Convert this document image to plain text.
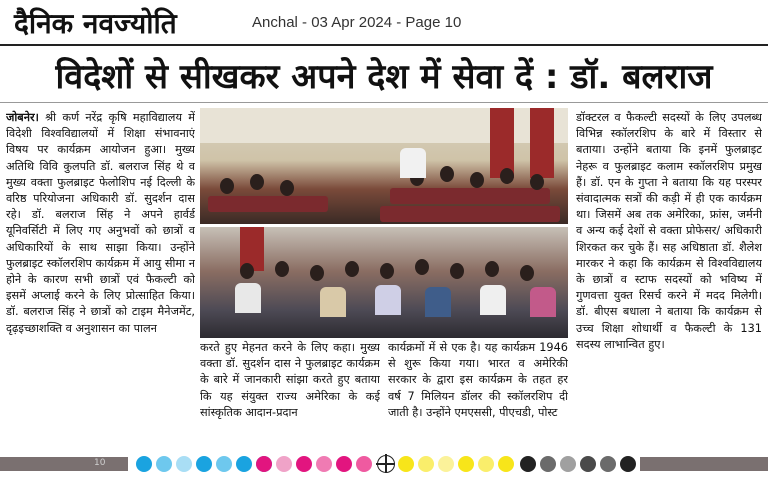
दैनिक नवज्योति	Anchal - 03 Apr 2024 - Page 10
विदेशों से सीखकर अपने देश में सेवा दें : डॉ. बलराज
जोबनेर। श्री कर्ण नरेंद्र कृषि महाविद्यालय में विदेशी विश्वविद्यालयों में शिक्षा संभावनाएं विषय पर कार्यक्रम आयोजन हुआ। मुख्य अतिथि विवि कुलपति डॉ. बलराज सिंह थे व मुख्य वक्ता फुलब्राइट फेलोशिप नई दिल्ली के वरिष्ठ परियोजना अधिकारी डॉ. सुदर्शन दास रहे। डॉ. बलराज सिंह ने अपने हार्वर्ड यूनिवर्सिटी में लिए गए अनुभवों को छात्रों व अधिकारियों के साथ साझा किया। उन्होंने फुलब्राइट स्कॉलरशिप कार्यक्रम में आयु सीमा न होने के कारण सभी छात्रों एवं फैकल्टी को इसमें अप्लाई करने के लिए प्रोत्साहित किया। डॉ. बलराज सिंह ने छात्रों को टाइम मैनेजमेंट, दृढ़इच्छाशक्ति व अनुशासन का पालन
करते हुए मेहनत करने के लिए कहा। मुख्य वक्ता डॉ. सुदर्शन दास ने फुलब्राइट कार्यक्रम के बारे में जानकारी सांझा करते हुए बताया कि यह संयुक्त राज्य अमेरिका के कई सांस्कृतिक आदान-प्रदान
कार्यक्रमों में से एक है। यह कार्यक्रम 1946 से शुरू किया गया। भारत व अमेरिकी सरकार के द्वारा इस कार्यक्रम के तहत हर वर्ष 7 मिलियन डॉलर की स्कॉलरशिप दी जाती है। उन्होंने एमएससी, पीएचडी, पोस्ट
डॉक्टरल व फैकल्टी सदस्यों के लिए उपलब्ध विभिन्न स्कॉलरशिप के बारे में विस्तार से बताया। उन्होंने बताया कि इनमें फुलब्राइट नेहरू व फुलब्राइट कलाम स्कॉलरशिप प्रमुख हैं। डॉ. एन के गुप्ता ने बताया कि यह परस्पर संवादात्मक सत्रों की कड़ी में ही एक कार्यक्रम था। जिसमें अब तक अमेरिका, फ्रांस, जर्मनी व अन्य कई देशों से वक्ता प्रोफेसर/ अधिकारी शिरकत कर चुके हैं। सह अधिष्ठाता डॉ. शैलेश मारकर ने कहा कि कार्यक्रम से विश्वविद्यालय के छात्रों व स्टाफ सदस्यों को भविष्य में गुणवत्ता युक्त रिसर्च करने में मदद मिलेगी। डॉ. बीएस बधाला ने बताया कि कार्यक्रम से उच्च शिक्षा शोधार्थी व फैकल्टी के 131 सदस्य लाभान्वित हुए।
10
